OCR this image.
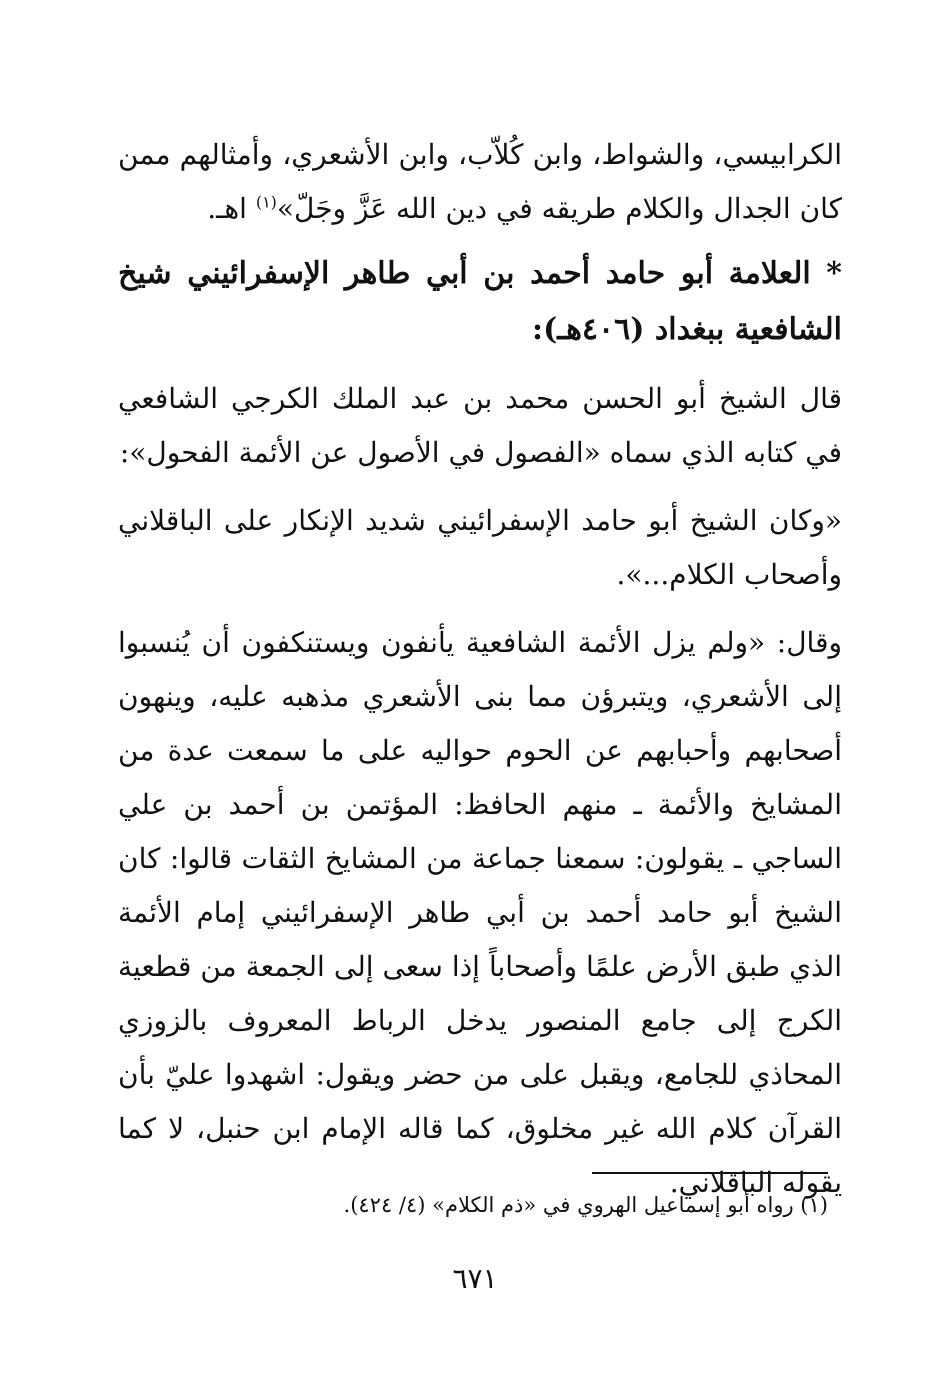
الكرابيسي، والشواط، وابن كُلاّب، وابن الأشعري، وأمثالهم ممن كان الجدال والكلام طريقه في دين الله عَزَّ وجَلّ»$^{(١)}$ اهـ.

* العلامة أبو حامد أحمد بن أبي طاهر الإسفرائيني شيخ الشافعية ببغداد (٤٠٦هـ):

قال الشيخ أبو الحسن محمد بن عبد الملك الكرجي الشافعي في كتابه الذي سماه «الفصول في الأصول عن الأئمة الفحول»:

«وكان الشيخ أبو حامد الإسفرائيني شديد الإنكار على الباقلاني وأصحاب الكلام...».

وقال: «ولم يزل الأئمة الشافعية يأنفون ويستنكفون أن يُنسبوا إلى الأشعري، ويتبرؤن مما بنى الأشعري مذهبه عليه، وينهون أصحابهم وأحبابهم عن الحوم حواليه على ما سمعت عدة من المشايخ والأئمة ـ منهم الحافظ: المؤتمن بن أحمد بن علي الساجي ـ يقولون: سمعنا جماعة من المشايخ الثقات قالوا: كان الشيخ أبو حامد أحمد بن أبي طاهر الإسفرائيني إمام الأئمة الذي طبق الأرض علمًا وأصحاباً إذا سعى إلى الجمعة من قطعية الكرج إلى جامع المنصور يدخل الرباط المعروف بالزوزي المحاذي للجامع، ويقبل على من حضر ويقول: اشهدوا عليّ بأن القرآن كلام الله غير مخلوق، كما قاله الإمام ابن حنبل، لا كما يقوله الباقلاني.

(١) رواه أبو إسماعيل الهروي في «ذم الكلام» (٤/ ٤٢٤).
٦٧١
